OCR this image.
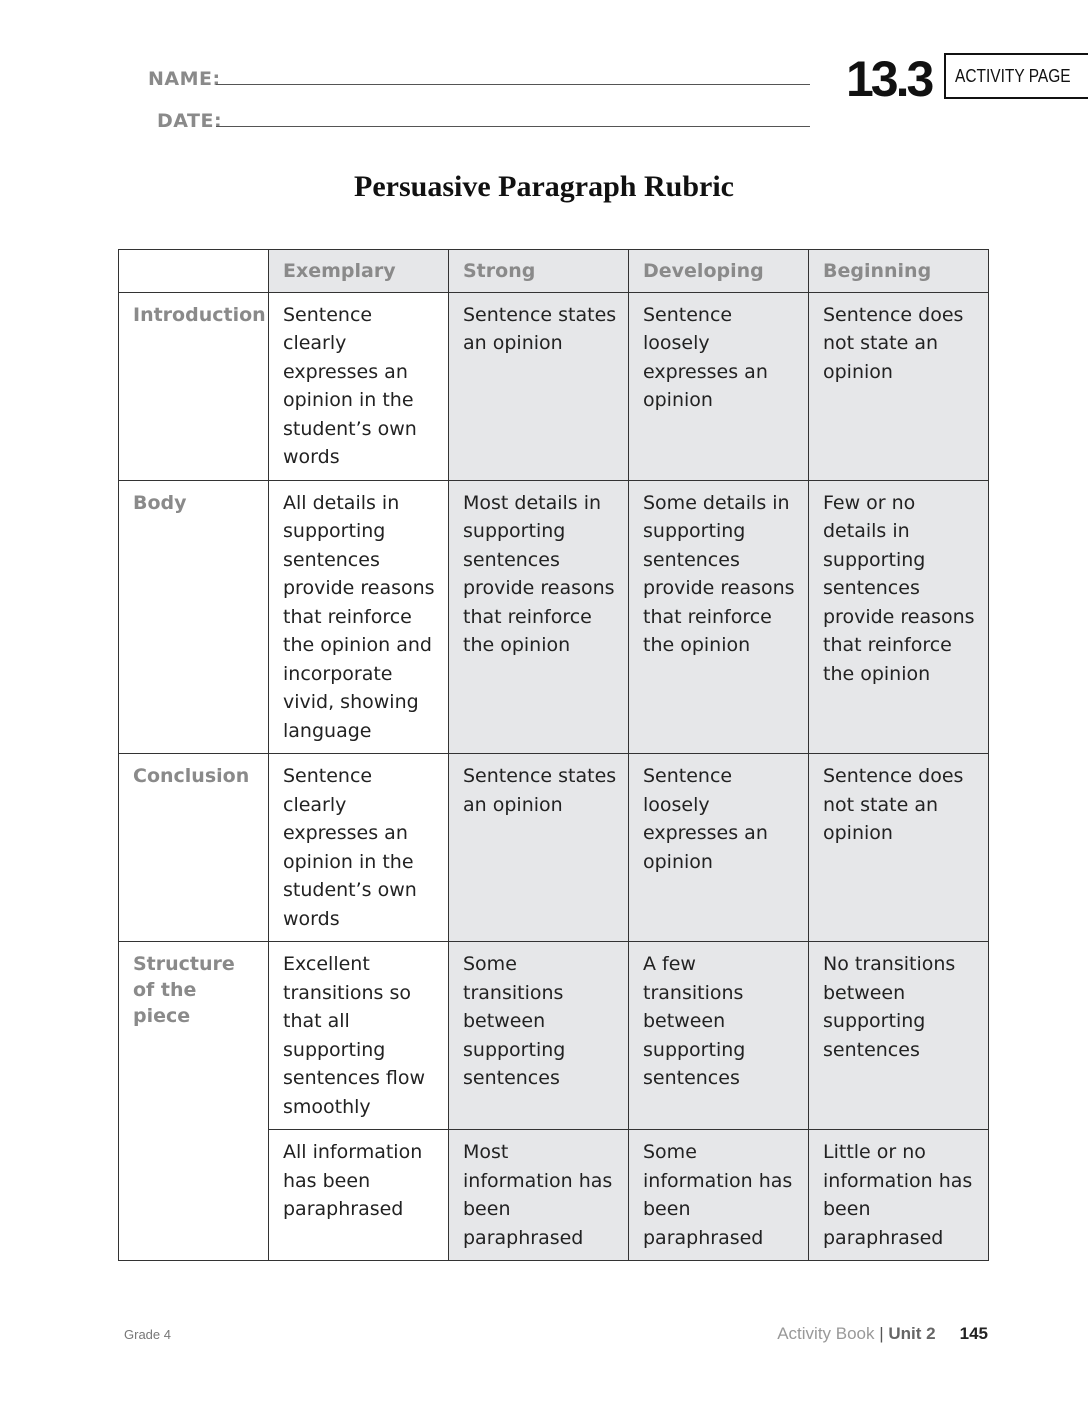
NAME:
DATE:
13.3 ACTIVITY PAGE
Persuasive Paragraph Rubric
	Exemplary	Strong	Developing	Beginning
Introduction	Sentence clearly expresses an opinion in the student’s own words	Sentence states an opinion	Sentence loosely expresses an opinion	Sentence does not state an opinion
Body	All details in supporting sentences provide reasons that reinforce the opinion and incorporate vivid, showing language	Most details in supporting sentences provide reasons that reinforce the opinion	Some details in supporting sentences provide reasons that reinforce the opinion	Few or no details in supporting sentences provide reasons that reinforce the opinion
Conclusion	Sentence clearly expresses an opinion in the student’s own words	Sentence states an opinion	Sentence loosely expresses an opinion	Sentence does not state an opinion
Structure of the piece	Excellent transitions so that all supporting sentences flow smoothly	Some transitions between supporting sentences	A few transitions between supporting sentences	No transitions between supporting sentences
	All information has been paraphrased	Most information has been paraphrased	Some information has been paraphrased	Little or no information has been paraphrased
Grade 4	Activity Book | Unit 2 145
